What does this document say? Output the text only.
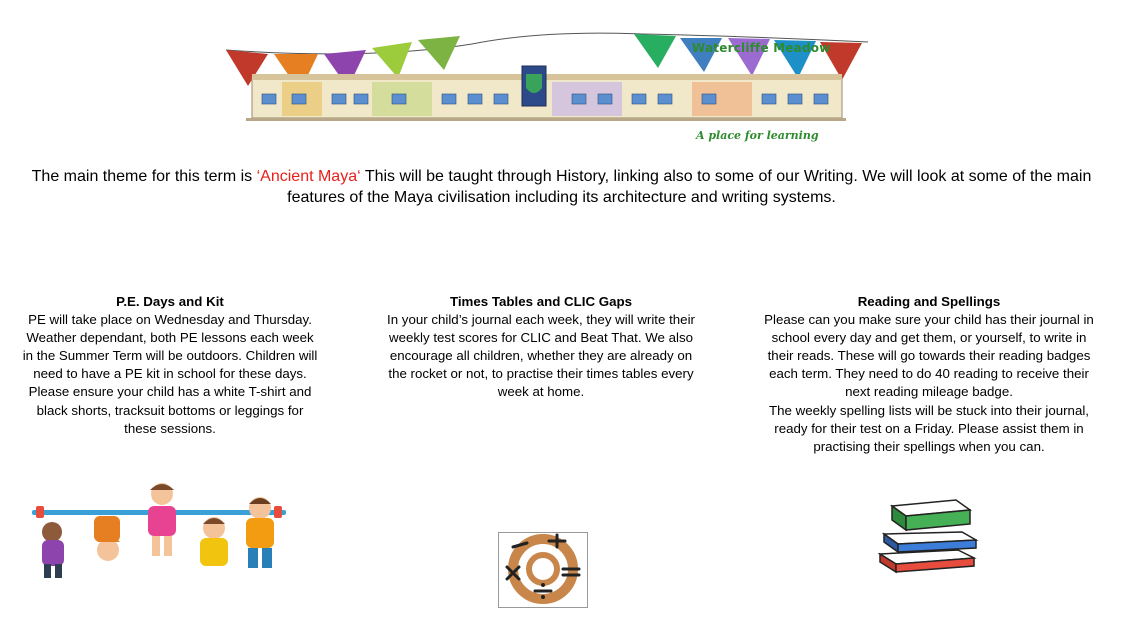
Watercliffe Meadow
A place for learning
The main theme for this term is ‘Ancient Maya‘ This will be taught through History, linking also to some of our Writing. We will look at some of the main features of the Maya civilisation including its architecture and writing systems.
P.E. Days and Kit

PE will take place on Wednesday and Thursday. Weather dependant, both PE lessons each week in the Summer Term will be outdoors. Children will need to have a PE kit in school for these days. Please ensure your child has a white T-shirt and black shorts, tracksuit bottoms or leggings for these sessions.

Times Tables and CLIC Gaps

In your child’s journal each week, they will write their weekly test scores for CLIC and Beat That. We also encourage all children, whether they are already on the rocket or not, to practise their times tables every week at home.

Reading and Spellings

Please can you make sure your child has their journal in school every day and get them, or yourself, to write in their reads. These will go towards their reading badges each term. They need to do 40 reading to receive their next reading mileage badge.

The weekly spelling lists will be stuck into their journal, ready for their test on a Friday. Please assist them in practising their spellings when you can.
